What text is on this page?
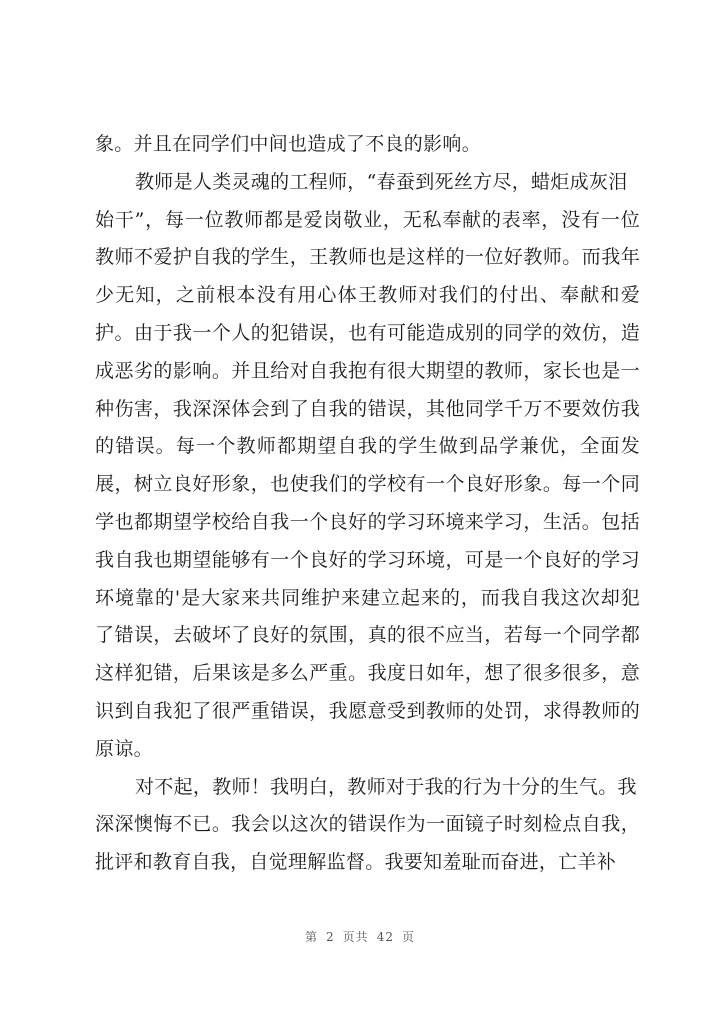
象。并且在同学们中间也造成了不良的影响。
教师是人类灵魂的工程师，“春蚕到死丝方尽，蜡炬成灰泪
始干”，每一位教师都是爱岗敬业，无私奉献的表率，没有一位
教师不爱护自我的学生，王教师也是这样的一位好教师。而我年
少无知，之前根本没有用心体王教师对我们的付出、奉献和爱
护。由于我一个人的犯错误，也有可能造成别的同学的效仿，造
成恶劣的影响。并且给对自我抱有很大期望的教师，家长也是一
种伤害，我深深体会到了自我的错误，其他同学千万不要效仿我
的错误。每一个教师都期望自我的学生做到品学兼优，全面发
展，树立良好形象，也使我们的学校有一个良好形象。每一个同
学也都期望学校给自我一个良好的学习环境来学习，生活。包括
我自我也期望能够有一个良好的学习环境，可是一个良好的学习
环境靠的'是大家来共同维护来建立起来的，而我自我这次却犯
了错误，去破坏了良好的氛围，真的很不应当，若每一个同学都
这样犯错，后果该是多么严重。我度日如年，想了很多很多，意
识到自我犯了很严重错误，我愿意受到教师的处罚，求得教师的
原谅。
对不起，教师！我明白，教师对于我的行为十分的生气。我
深深懊悔不已。我会以这次的错误作为一面镜子时刻检点自我，
批评和教育自我，自觉理解监督。我要知羞耻而奋进，亡羊补
第 2 页共 42 页
